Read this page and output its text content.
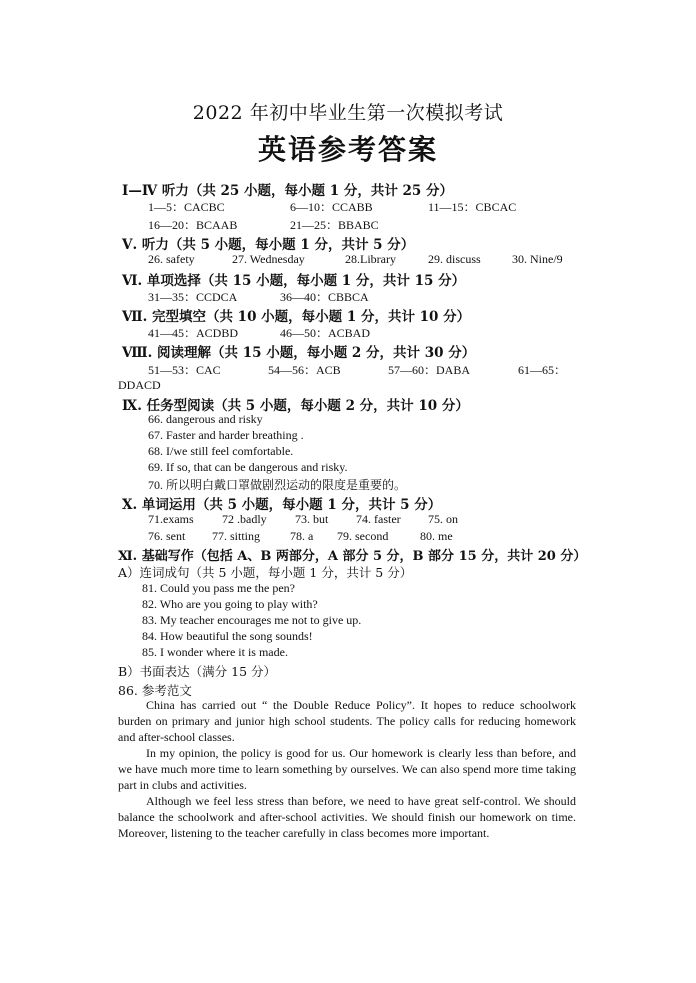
2022 年初中毕业生第一次模拟考试
英语参考答案
Ⅰ—Ⅳ 听力（共 25 小题，每小题 1 分，共计 25 分）
1—5：CACBC	6—10：CCABB	11—15：CBCAC
16—20：BCAAB	21—25：BBABC
Ⅴ. 听力（共 5 小题，每小题 1 分，共计 5 分）
26. safety	27. Wednesday	28.Library	29. discuss	30. Nine/9
Ⅵ. 单项选择（共 15 小题，每小题 1 分，共计 15 分）
31—35：CCDCA	36—40：CBBCA
Ⅶ. 完型填空（共 10 小题，每小题 1 分，共计 10 分）
41—45：ACDBD	46—50：ACBAD
Ⅷ. 阅读理解（共 15 小题，每小题 2 分，共计 30 分）
51—53：CAC	54—56：ACB	57—60：DABA	61—65：
DDACD
Ⅸ. 任务型阅读（共 5 小题，每小题 2 分，共计 10 分）
66. dangerous and risky
67. Faster and harder breathing .
68. I/we still feel comfortable.
69. If so, that can be dangerous and risky.
70. 所以明白戴口罩做剧烈运动的限度是重要的。
Ⅹ. 单词运用（共 5 小题，每小题 1 分，共计 5 分）
71.exams 72 .badly 73. but 74. faster 75. on
76. sent 77. sitting 78. a 79. second	80. me
Ⅺ. 基础写作（包括 A、B 两部分，A 部分 5 分，B 部分 15 分，共计 20 分）
A）连词成句（共 5 小题，每小题 1 分，共计 5 分）
81. Could you pass me the pen?
82. Who are you going to play with?
83. My teacher encourages me not to give up.
84. How beautiful the song sounds!
85. I wonder where it is made.
B）书面表达（满分 15 分）
86. 参考范文
China has carried out “ the Double Reduce Policy”. It hopes to reduce schoolwork burden on primary and junior high school students. The policy calls for reducing homework and after-school classes.
In my opinion, the policy is good for us. Our homework is clearly less than before, and we have much more time to learn something by ourselves. We can also spend more time taking part in clubs and activities.
Although we feel less stress than before, we need to have great self-control. We should balance the schoolwork and after-school activities. We should finish our homework on time. Moreover, listening to the teacher carefully in class becomes more important.
